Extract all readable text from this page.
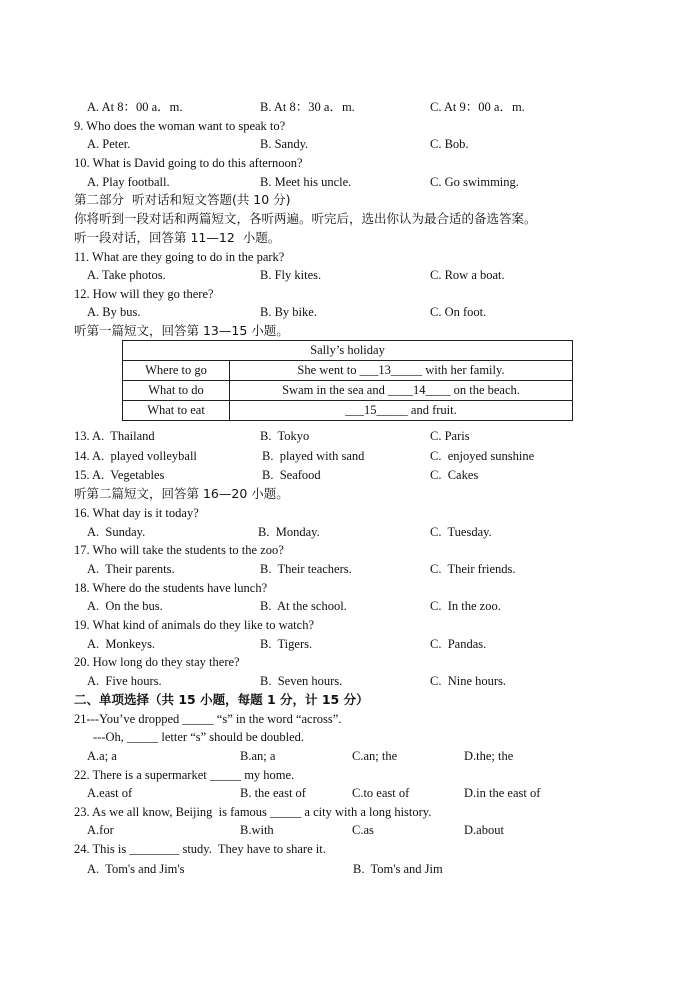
A. At 8：00 a．m.	B. At 8：30 a．m.	C. At 9：00 a．m.
9. Who does the woman want to speak to?
A. Peter.	B. Sandy.	C. Bob.
10. What is David going to do this afternoon?
A. Play football.	B. Meet his uncle.	C. Go swimming.
第二部分  听对话和短文答题(共 10 分)
你将听到一段对话和两篇短文，各听两遍。听完后，选出你认为最合适的备选答案。
听一段对话，回答第 11—12  小题。
11. What are they going to do in the park?
A. Take photos.	B. Fly kites.	C. Row a boat.
12. How will they go there?
A. By bus.	B. By bike.	C. On foot.
听第一篇短文，回答第 13—15 小题。
Sally’s holiday	
Where to go	She went to ___13_____ with her family.
What to do	Swam in the sea and ____14____ on the beach.
What to eat	___15_____ and fruit.
13. A.  Thailand	B.  Tokyo	C. Paris
14. A.  played volleyball	B.  played with sand	C.  enjoyed sunshine
15. A.  Vegetables	B.  Seafood	C.  Cakes
听第二篇短文，回答第 16—20 小题。
16. What day is it today?
A.  Sunday.	B.  Monday.	C.  Tuesday.
17. Who will take the students to the zoo?
A.  Their parents.	B.  Their teachers.	C.  Their friends.
18. Where do the students have lunch?
A.  On the bus.	B.  At the school.	C.  In the zoo.
19. What kind of animals do they like to watch?
A.  Monkeys.	B.  Tigers.	C.  Pandas.
20. How long do they stay there?
A.  Five hours.	B.  Seven hours.	C.  Nine hours.
二、单项选择（共 15 小题，每题 1 分，计 15 分）
21---You’ve dropped _____ “s” in the word “across”.
---Oh, _____ letter “s” should be doubled.
A.a; a	B.an; a	C.an; the	D.the; the
22. There is a supermarket _____ my home.
A.east of	B. the east of	C.to east of	D.in the east of
23. As we all know, Beijing  is famous _____ a city with a long history.
A.for	B.with	C.as	D.about
24. This is ________ study.  They have to share it.
A.  Tom's and Jim's	B.  Tom's and Jim
